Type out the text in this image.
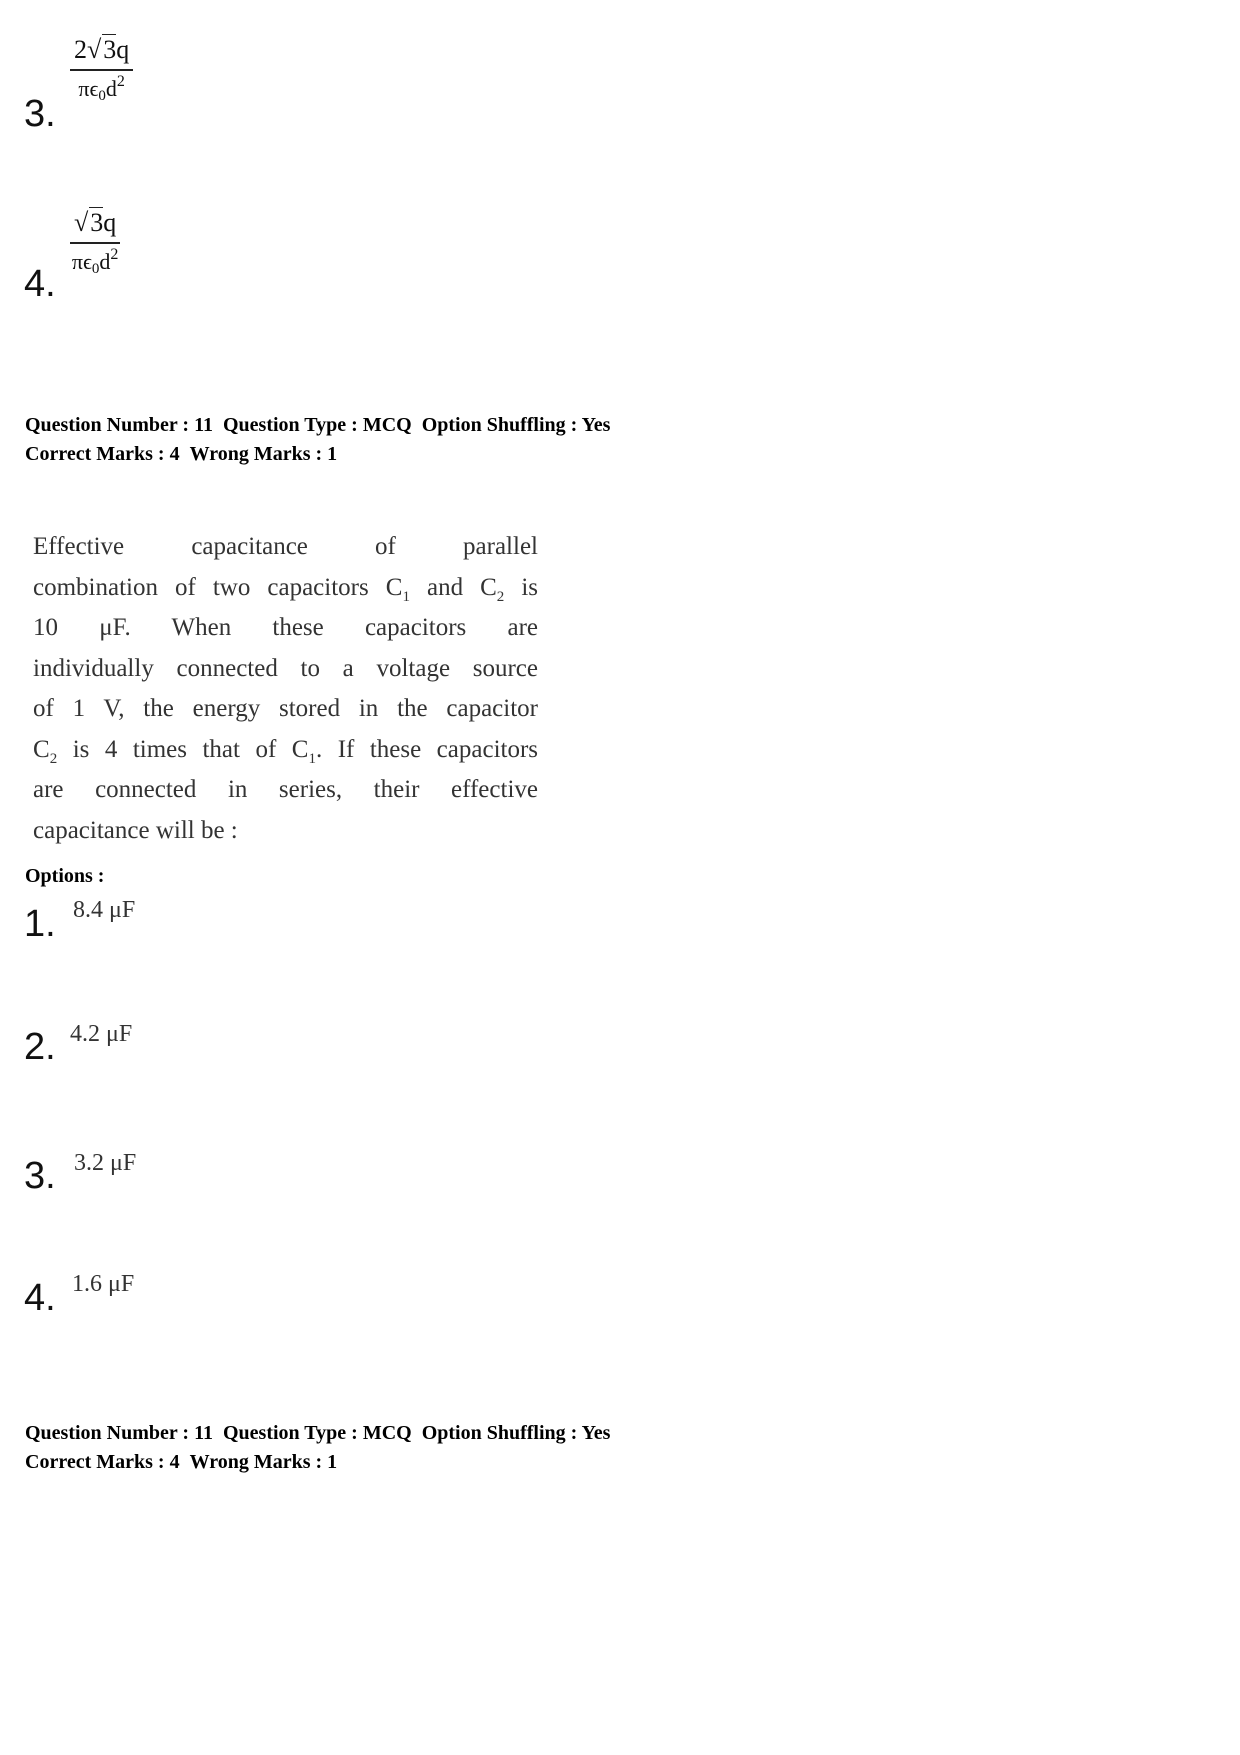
3.
2√3q
$\pi\epsilon_0d^2$
4.
√3q
$\pi\epsilon_0d^2$
Question Number : 11 Question Type : MCQ Option Shuffling : Yes
Correct Marks : 4 Wrong Marks : 1
Effective capacitance of parallel
combination of two capacitors $C_1$ and $C_2$ is
10 μF. When these capacitors are
individually connected to a voltage source
of 1 V, the energy stored in the capacitor
$C_2$ is 4 times that of $C_1$. If these capacitors
are connected in series, their effective
capacitance will be :
Options :
1. 8.4 μF
2. 4.2 μF
3. 3.2 μF
4. 1.6 μF
Question Number : 11 Question Type : MCQ Option Shuffling : Yes
Correct Marks : 4 Wrong Marks : 1
